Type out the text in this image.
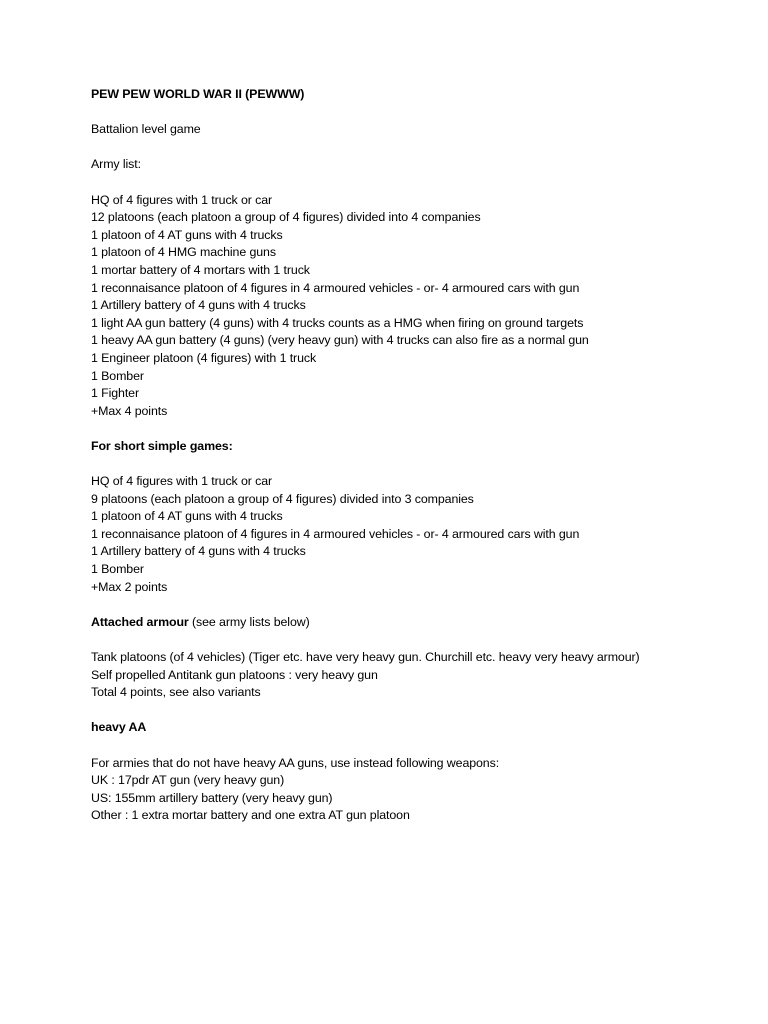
PEW PEW WORLD WAR II (PEWWW)
Battalion level game
Army list:
HQ of 4 figures with 1 truck or car
12 platoons (each platoon a group of 4 figures) divided into 4 companies
1 platoon of 4 AT guns with 4 trucks
1 platoon of 4 HMG machine guns
1 mortar battery of 4 mortars with 1 truck
1 reconnaisance platoon of 4 figures in 4 armoured vehicles - or- 4 armoured cars with gun
1 Artillery battery of 4 guns with 4 trucks
1 light AA gun battery (4 guns) with 4 trucks counts as a HMG when firing on ground targets
1 heavy AA gun battery (4 guns) (very heavy gun) with 4 trucks can also fire as a normal gun
1 Engineer platoon (4 figures) with 1 truck
1 Bomber
1 Fighter
+Max 4 points
For short simple games:
HQ of 4 figures with 1 truck or car
9 platoons (each platoon a group of 4 figures) divided into 3 companies
1 platoon of 4 AT guns with 4 trucks
1 reconnaisance platoon of 4 figures in 4 armoured vehicles - or- 4 armoured cars with gun
1 Artillery battery of 4 guns with 4 trucks
1 Bomber
+Max 2 points
Attached armour (see army lists below)
Tank platoons (of 4 vehicles) (Tiger etc. have very heavy gun. Churchill etc. heavy very heavy armour)
Self propelled Antitank gun platoons : very heavy gun
Total 4 points, see also variants
heavy AA
For armies that do not have heavy AA guns, use instead following weapons:
UK : 17pdr AT gun (very heavy gun)
US: 155mm artillery battery (very heavy gun)
Other : 1 extra mortar battery and one extra AT gun platoon
